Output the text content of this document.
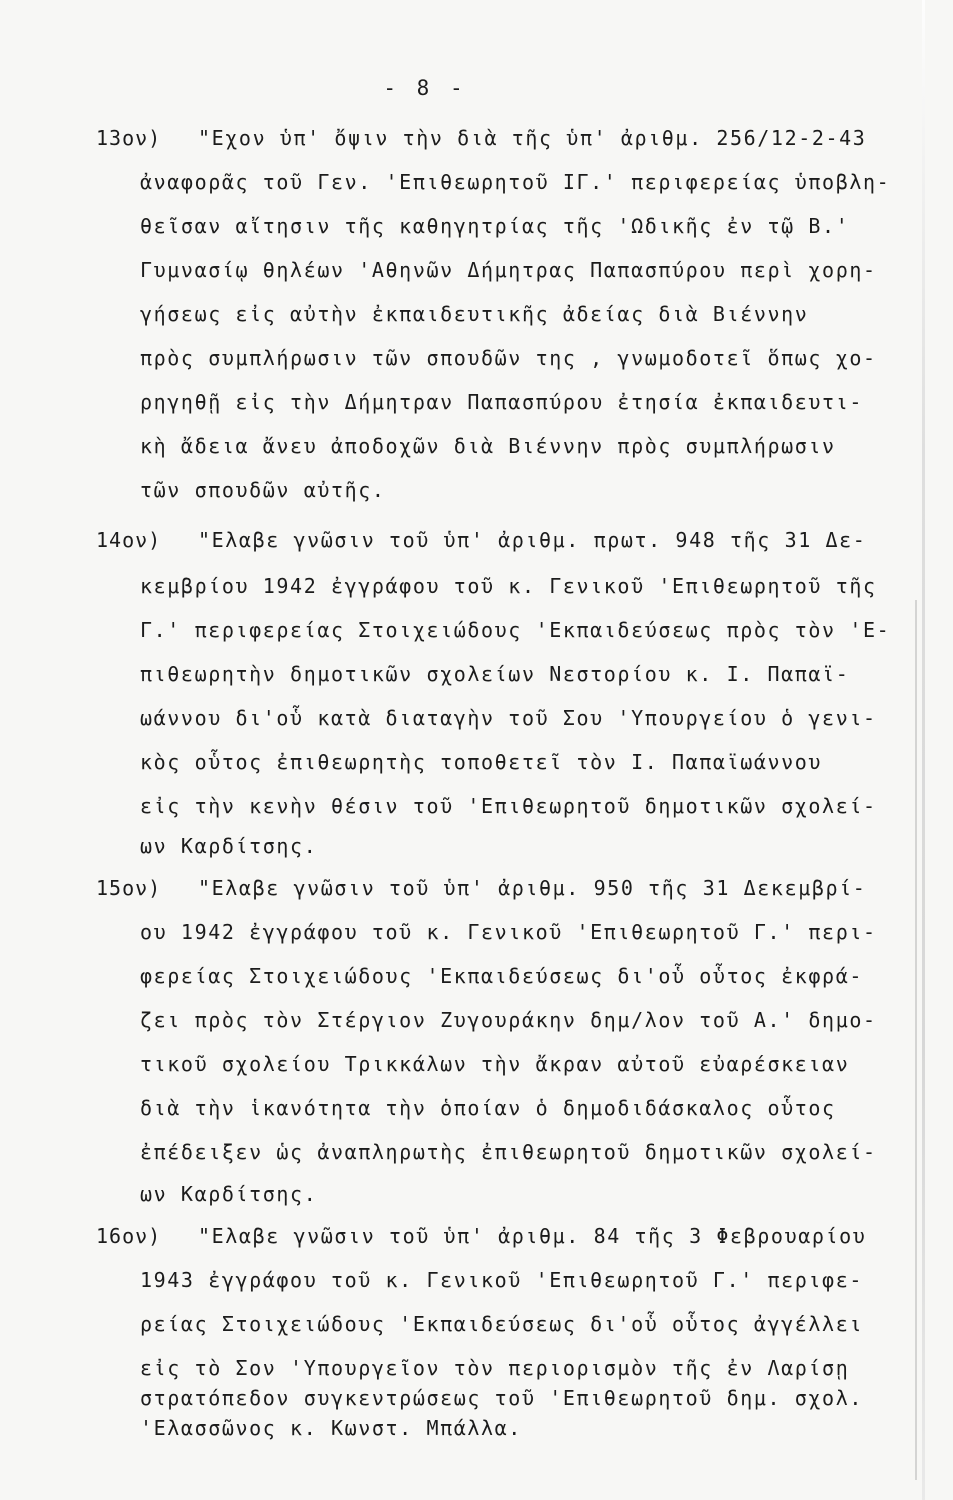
- 8 -
13ον) "Εχον ὑπ' ὄψιν τὴν διὰ τῆς ὑπ' ἀριθμ. 256/12-2-43
ἀναφορᾶς τοῦ Γεν. 'Επιθεωρητοῦ ΙΓ.' περιφερείας ὑποβλη-
θεῖσαν αἴτησιν τῆς καθηγητρίας τῆς 'Ωδικῆς ἐν τῷ Β.'
Γυμνασίῳ θηλέων 'Αθηνῶν Δήμητρας Παπασπύρου περὶ χορη-
γήσεως εἰς αὐτὴν ἐκπαιδευτικῆς ἀδείας διὰ Βιέννην
πρὸς συμπλήρωσιν τῶν σπουδῶν της , γνωμοδοτεῖ ὅπως χο-
ρηγηθῇ εἰς τὴν Δήμητραν Παπασπύρου ἐτησία ἐκπαιδευτι-
κὴ ἄδεια ἄνευ ἀποδοχῶν διὰ Βιέννην πρὸς συμπλήρωσιν
τῶν σπουδῶν αὐτῆς.
14ον) "Ελαβε γνῶσιν τοῦ ὑπ' ἀριθμ. πρωτ. 948 τῆς 31 Δε-
κεμβρίου 1942 ἐγγράφου τοῦ κ. Γενικοῦ 'Επιθεωρητοῦ τῆς
Γ.' περιφερείας Στοιχειώδους 'Εκπαιδεύσεως πρὸς τὸν 'Ε-
πιθεωρητὴν δημοτικῶν σχολείων Νεστορίου κ. Ι. Παπαϊ-
ωάννου δι'οὗ κατὰ διαταγὴν τοῦ Σου 'Υπουργείου ὁ γενι-
κὸς οὗτος ἐπιθεωρητὴς τοποθετεῖ τὸν Ι. Παπαϊωάννου
εἰς τὴν κενὴν θέσιν τοῦ 'Επιθεωρητοῦ δημοτικῶν σχολεί-
ων Καρδίτσης.
15ον) "Ελαβε γνῶσιν τοῦ ὑπ' ἀριθμ. 950 τῆς 31 Δεκεμβρί-
ου 1942 ἐγγράφου τοῦ κ. Γενικοῦ 'Επιθεωρητοῦ Γ.' περι-
φερείας Στοιχειώδους 'Εκπαιδεύσεως δι'οὗ οὗτος ἐκφρά-
ζει πρὸς τὸν Στέργιον Ζυγουράκην δημ/λον τοῦ Α.' δημο-
τικοῦ σχολείου Τρικκάλων τὴν ἄκραν αὐτοῦ εὐαρέσκειαν
διὰ τὴν ἱκανότητα τὴν ὁποίαν ὁ δημοδιδάσκαλος οὗτος
ἐπέδειξεν ὡς ἀναπληρωτὴς ἐπιθεωρητοῦ δημοτικῶν σχολεί-
ων Καρδίτσης.
16ον) "Ελαβε γνῶσιν τοῦ ὑπ' ἀριθμ. 84 τῆς 3 Φεβρουαρίου
1943 ἐγγράφου τοῦ κ. Γενικοῦ 'Επιθεωρητοῦ Γ.' περιφε-
ρείας Στοιχειώδους 'Εκπαιδεύσεως δι'οὗ οὗτος ἀγγέλλει
εἰς τὸ Σον 'Υπουργεῖον τὸν περιορισμὸν τῆς ἐν Λαρίσῃ
στρατόπεδον συγκεντρώσεως τοῦ 'Επιθεωρητοῦ δημ. σχολ.
'Ελασσῶνος κ. Κωνστ. Μπάλλα.
